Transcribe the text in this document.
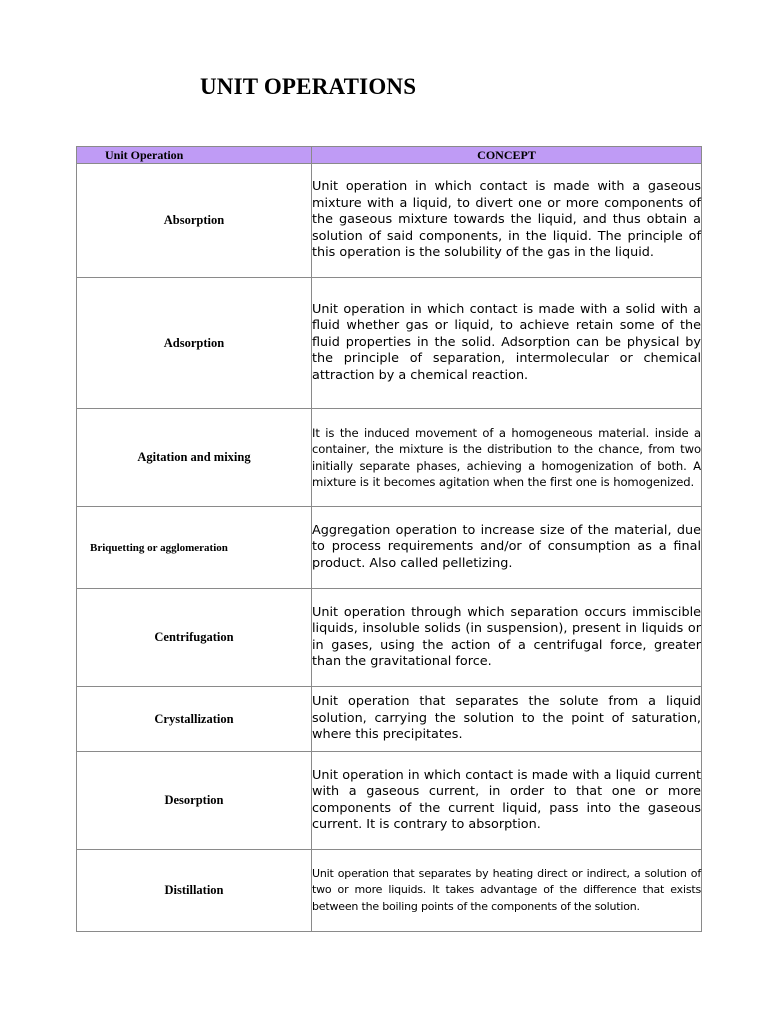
UNIT OPERATIONS
Unit Operation	CONCEPT
Absorption	Unit operation in which contact is made with a gaseous mixture with a liquid, to divert one or more components of the gaseous mixture towards the liquid, and thus obtain a solution of said components, in the liquid. The principle of this operation is the solubility of the gas in the liquid.
Adsorption	Unit operation in which contact is made with a solid with a fluid whether gas or liquid, to achieve retain some of the fluid properties in the solid. Adsorption can be physical by the principle of separation, intermolecular or chemical attraction by a chemical reaction.
Agitation and mixing	It is the induced movement of a homogeneous material. inside a container, the mixture is the distribution to the chance, from two initially separate phases, achieving a homogenization of both. A mixture is it becomes agitation when the first one is homogenized.
Briquetting or agglomeration	Aggregation operation to increase size of the material, due to process requirements and/or of consumption as a final product. Also called pelletizing.
Centrifugation	Unit operation through which separation occurs immiscible liquids, insoluble solids (in suspension), present in liquids or in gases, using the action of a centrifugal force, greater than the gravitational force.
Crystallization	Unit operation that separates the solute from a liquid solution, carrying the solution to the point of saturation, where this precipitates.
Desorption	Unit operation in which contact is made with a liquid current with a gaseous current, in order to that one or more components of the current liquid, pass into the gaseous current. It is contrary to absorption.
Distillation	Unit operation that separates by heating direct or indirect, a solution of two or more liquids. It takes advantage of the difference that exists between the boiling points of the components of the solution.
